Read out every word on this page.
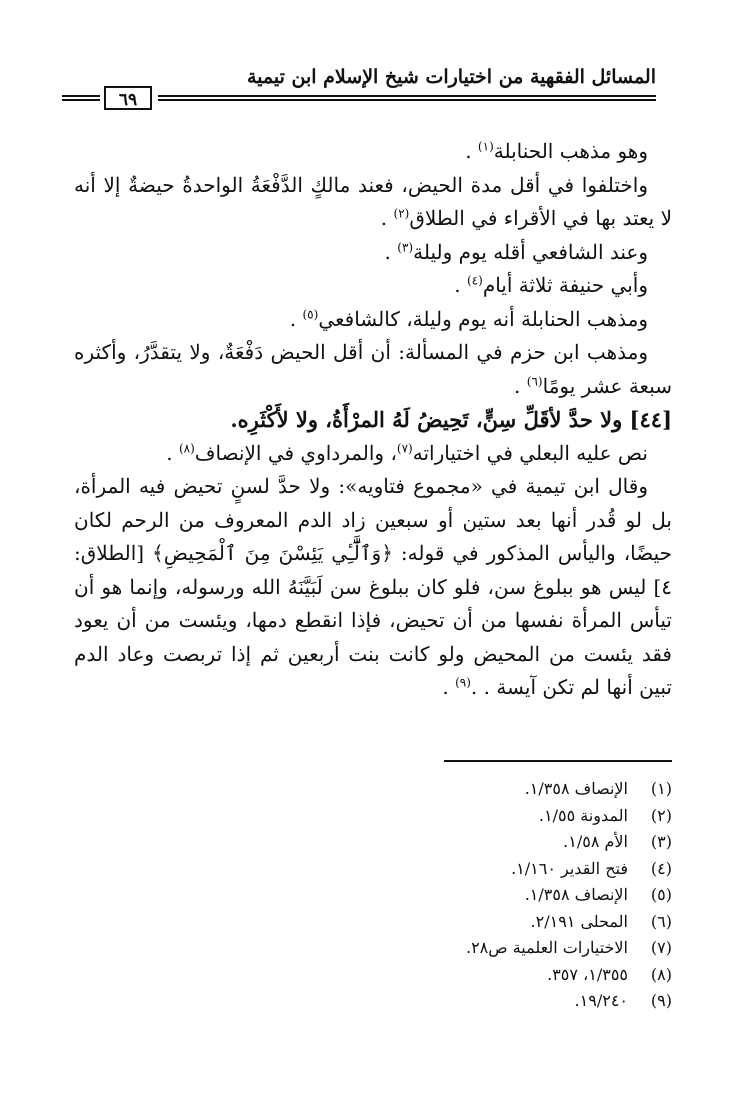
المسائل الفقهية من اختيارات شيخ الإسلام ابن تيمية
٦٩

وهو مذهب الحنابلة$^{(١)}$ .

واختلفوا في أقل مدة الحيض، فعند مالكٍ الدَّفْعَةُ الواحدةُ حيضةٌ إلا أنه لا يعتد بها في الأقراء في الطلاق$^{(٢)}$ .

وعند الشافعي أقله يوم وليلة$^{(٣)}$ .

وأبي حنيفة ثلاثة أيام$^{(٤)}$ .

ومذهب الحنابلة أنه يوم وليلة، كالشافعي$^{(٥)}$ .

ومذهب ابن حزم في المسألة: أن أقل الحيض دَفْعَةٌ، ولا يتقدَّرُ، وأكثره سبعة عشر يومًا$^{(٦)}$ .

[٤٤] ولا حدَّ لأقَلِّ سِنٍّ، تَحِيضُ لَهُ المرْأَةُ، ولا لأَكْثَرِه.

نص عليه البعلي في اختياراته$^{(٧)}$، والمرداوي في الإنصاف$^{(٨)}$ .

وقال ابن تيمية في «مجموع فتاويه»: ولا حدَّ لسنٍ تحيض فيه المرأة، بل لو قُدر أنها بعد ستين أو سبعين زاد الدم المعروف من الرحم لكان حيضًا، واليأس المذكور في قوله: ﴿وَٱلَّٰٓـِٔي يَئِسْنَ مِنَ ٱلْمَحِيضِ﴾ [الطلاق: ٤] ليس هو ببلوغ سن، فلو كان ببلوغ سن لَبَيَّنَهُ الله ورسوله، وإنما هو أن تيأس المرأة نفسها من أن تحيض، فإذا انقطع دمها، ويئست من أن يعود فقد يئست من المحيض ولو كانت بنت أربعين ثم إذا تربصت وعاد الدم تبين أنها لم تكن آيسة . .$^{(٩)}$ .

(١)الإنصاف ١/٣٥٨.
(٢)المدونة ١/٥٥.
(٣)الأم ١/٥٨.
(٤)فتح القدير ١/١٦٠.
(٥)الإنصاف ١/٣٥٨.
(٦)المحلى ٢/١٩١.
(٧)الاختيارات العلمية ص٢٨.
(٨)١/٣٥٥، ٣٥٧.
(٩)١٩/٢٤٠.
